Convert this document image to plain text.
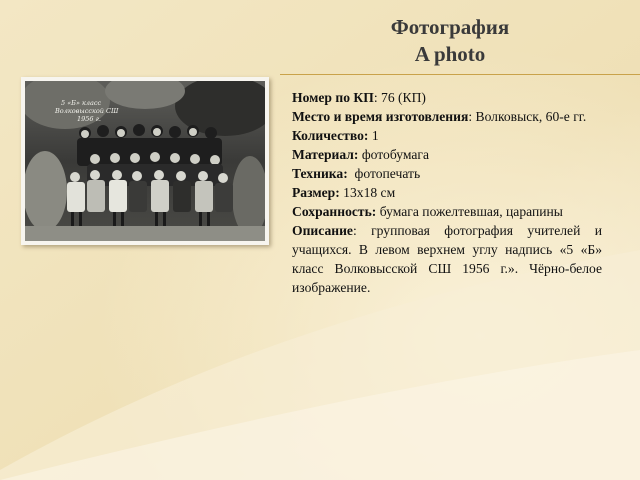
Фотография
A photo
5 «Б» класс
Волковысской СШ
1956 г.

Номер по КП: 76 (КП)

Место и время изготовления: Волковыск, 60-е гг.

Количество: 1

Материал: фотобумага

Техника: фотопечать

Размер: 13х18 см

Сохранность: бумага пожелтевшая, царапины

Описание: групповая фотография учителей и учащихся. В левом верхнем углу надпись «5 «Б» класс Волковысской СШ 1956 г.». Чёрно-белое изображение.
